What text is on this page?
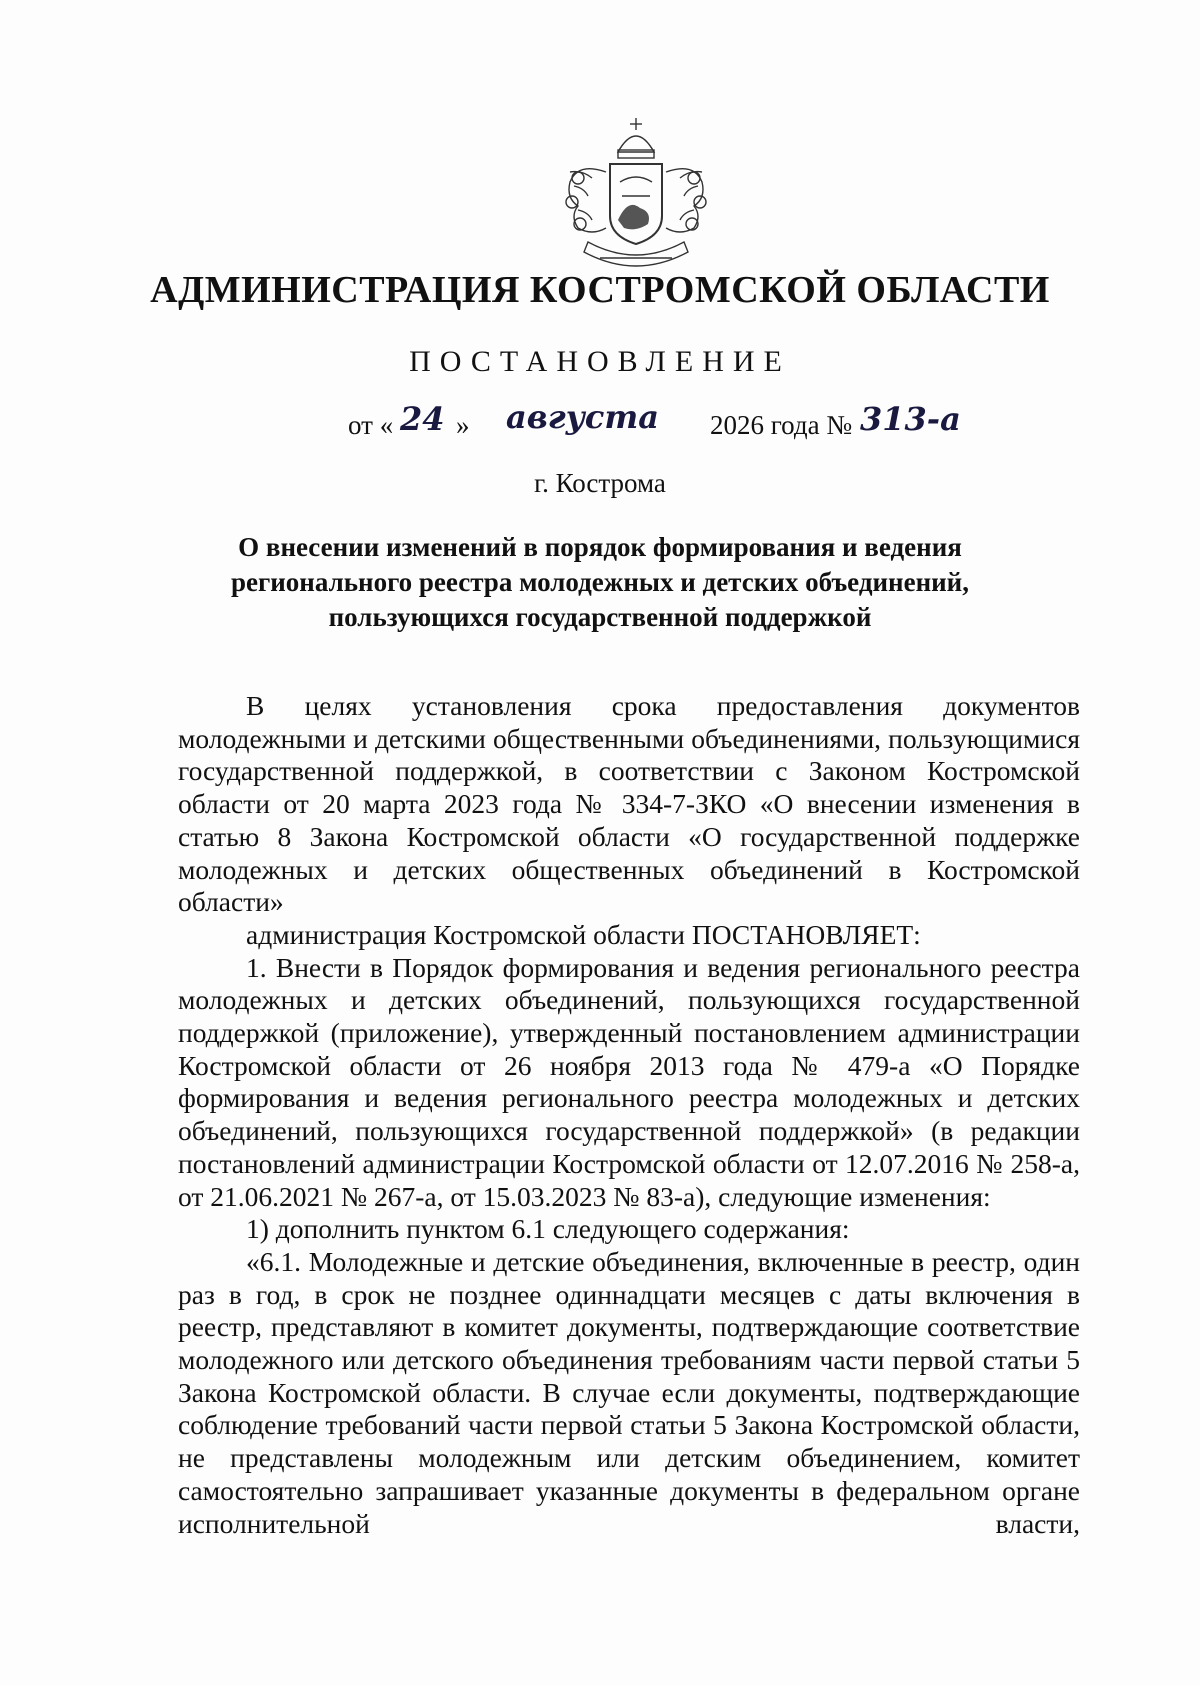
АДМИНИСТРАЦИЯ КОСТРОМСКОЙ ОБЛАСТИ
ПОСТАНОВЛЕНИЕ
от « 24 » августа 2026 года № 313-а
г. Кострома
О внесении изменений в порядок формирования и ведения
регионального реестра молодежных и детских объединений,
пользующихся государственной поддержкой

В целях установления срока предоставления документов молодежными и детскими общественными объединениями, пользующимися государственной поддержкой, в соответствии с Законом Костромской области от 20 марта 2023 года № 334-7-ЗКО «О внесении изменения в статью 8 Закона Костромской области «О государственной поддержке молодежных и детских общественных объединений в Костромской области»

администрация Костромской области ПОСТАНОВЛЯЕТ:

1. Внести в Порядок формирования и ведения регионального реестра молодежных и детских объединений, пользующихся государственной поддержкой (приложение), утвержденный постановлением администрации Костромской области от 26 ноября 2013 года № 479-а «О Порядке формирования и ведения регионального реестра молодежных и детских объединений, пользующихся государственной поддержкой» (в редакции постановлений администрации Костромской области от 12.07.2016 № 258-а, от 21.06.2021 № 267-а, от 15.03.2023 № 83-а), следующие изменения:

1) дополнить пунктом 6.1 следующего содержания:

«6.1. Молодежные и детские объединения, включенные в реестр, один раз в год, в срок не позднее одиннадцати месяцев с даты включения в реестр, представляют в комитет документы, подтверждающие соответствие молодежного или детского объединения требованиям части первой статьи 5 Закона Костромской области. В случае если документы, подтверждающие соблюдение требований части первой статьи 5 Закона Костромской области, не представлены молодежным или детским объединением, комитет самостоятельно запрашивает указанные документы в федеральном органе исполнительной власти,
